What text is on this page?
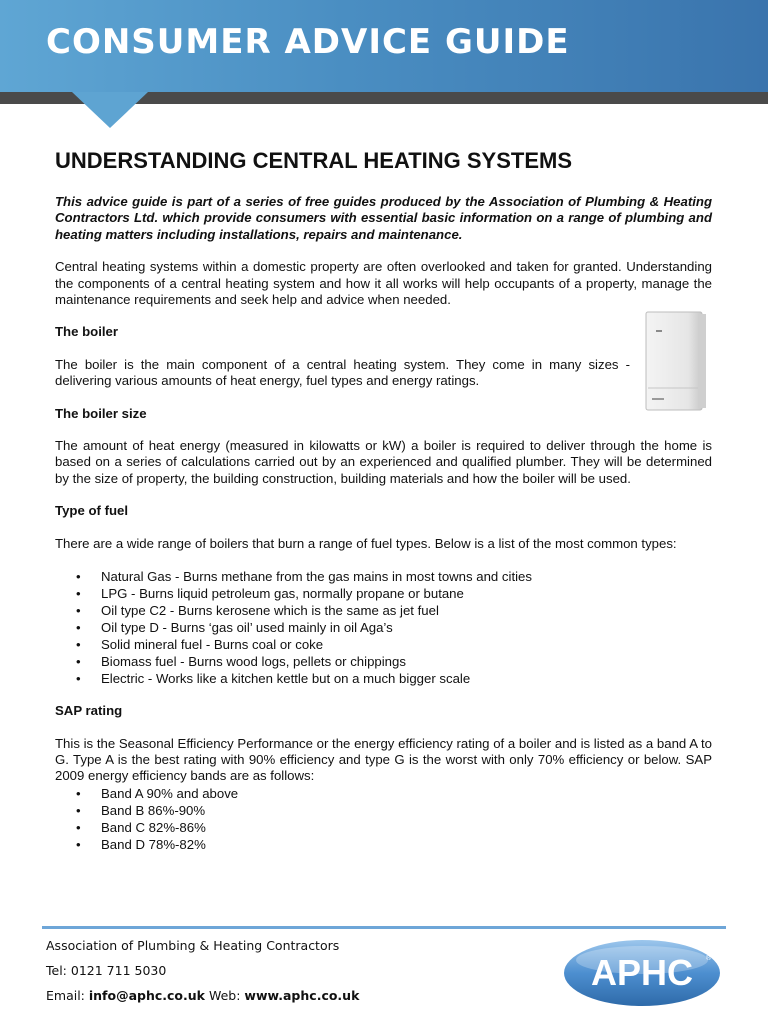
CONSUMER ADVICE GUIDE
UNDERSTANDING CENTRAL HEATING SYSTEMS

This advice guide is part of a series of free guides produced by the Association of Plumbing & Heating Contractors Ltd. which provide consumers with essential basic information on a range of plumbing and heating matters including installations, repairs and maintenance.

Central heating systems within a domestic property are often overlooked and taken for granted. Understanding the components of a central heating system and how it all works will help occupants of a property, manage the maintenance requirements and seek help and advice when needed.

The boiler

The boiler is the main component of a central heating system. They come in many sizes - delivering various amounts of heat energy, fuel types and energy ratings.

The boiler size

The amount of heat energy (measured in kilowatts or kW) a boiler is required to deliver through the home is based on a series of calculations carried out by an experienced and qualified plumber. They will be determined by the size of property, the building construction, building materials and how the boiler will be used.

Type of fuel

There are a wide range of boilers that burn a range of fuel types. Below is a list of the most common types:

• Natural Gas - Burns methane from the gas mains in most towns and cities
• LPG - Burns liquid petroleum gas, normally propane or butane
• Oil type C2 - Burns kerosene which is the same as jet fuel
• Oil type D - Burns ‘gas oil’ used mainly in oil Aga’s
• Solid mineral fuel - Burns coal or coke
• Biomass fuel - Burns wood logs, pellets or chippings
• Electric - Works like a kitchen kettle but on a much bigger scale
SAP rating

This is the Seasonal Efficiency Performance or the energy efficiency rating of a boiler and is listed as a band A to G. Type A is the best rating with 90% efficiency and type G is the worst with only 70% efficiency or below. SAP 2009 energy efficiency bands are as follows:

• Band A 90% and above
• Band B 86%-90%
• Band C 82%-86%
• Band D 78%-82%
Association of Plumbing & Heating Contractors
Tel: 0121 711 5030
Email: info@aphc.co.uk Web: www.aphc.co.uk
APHC ®
